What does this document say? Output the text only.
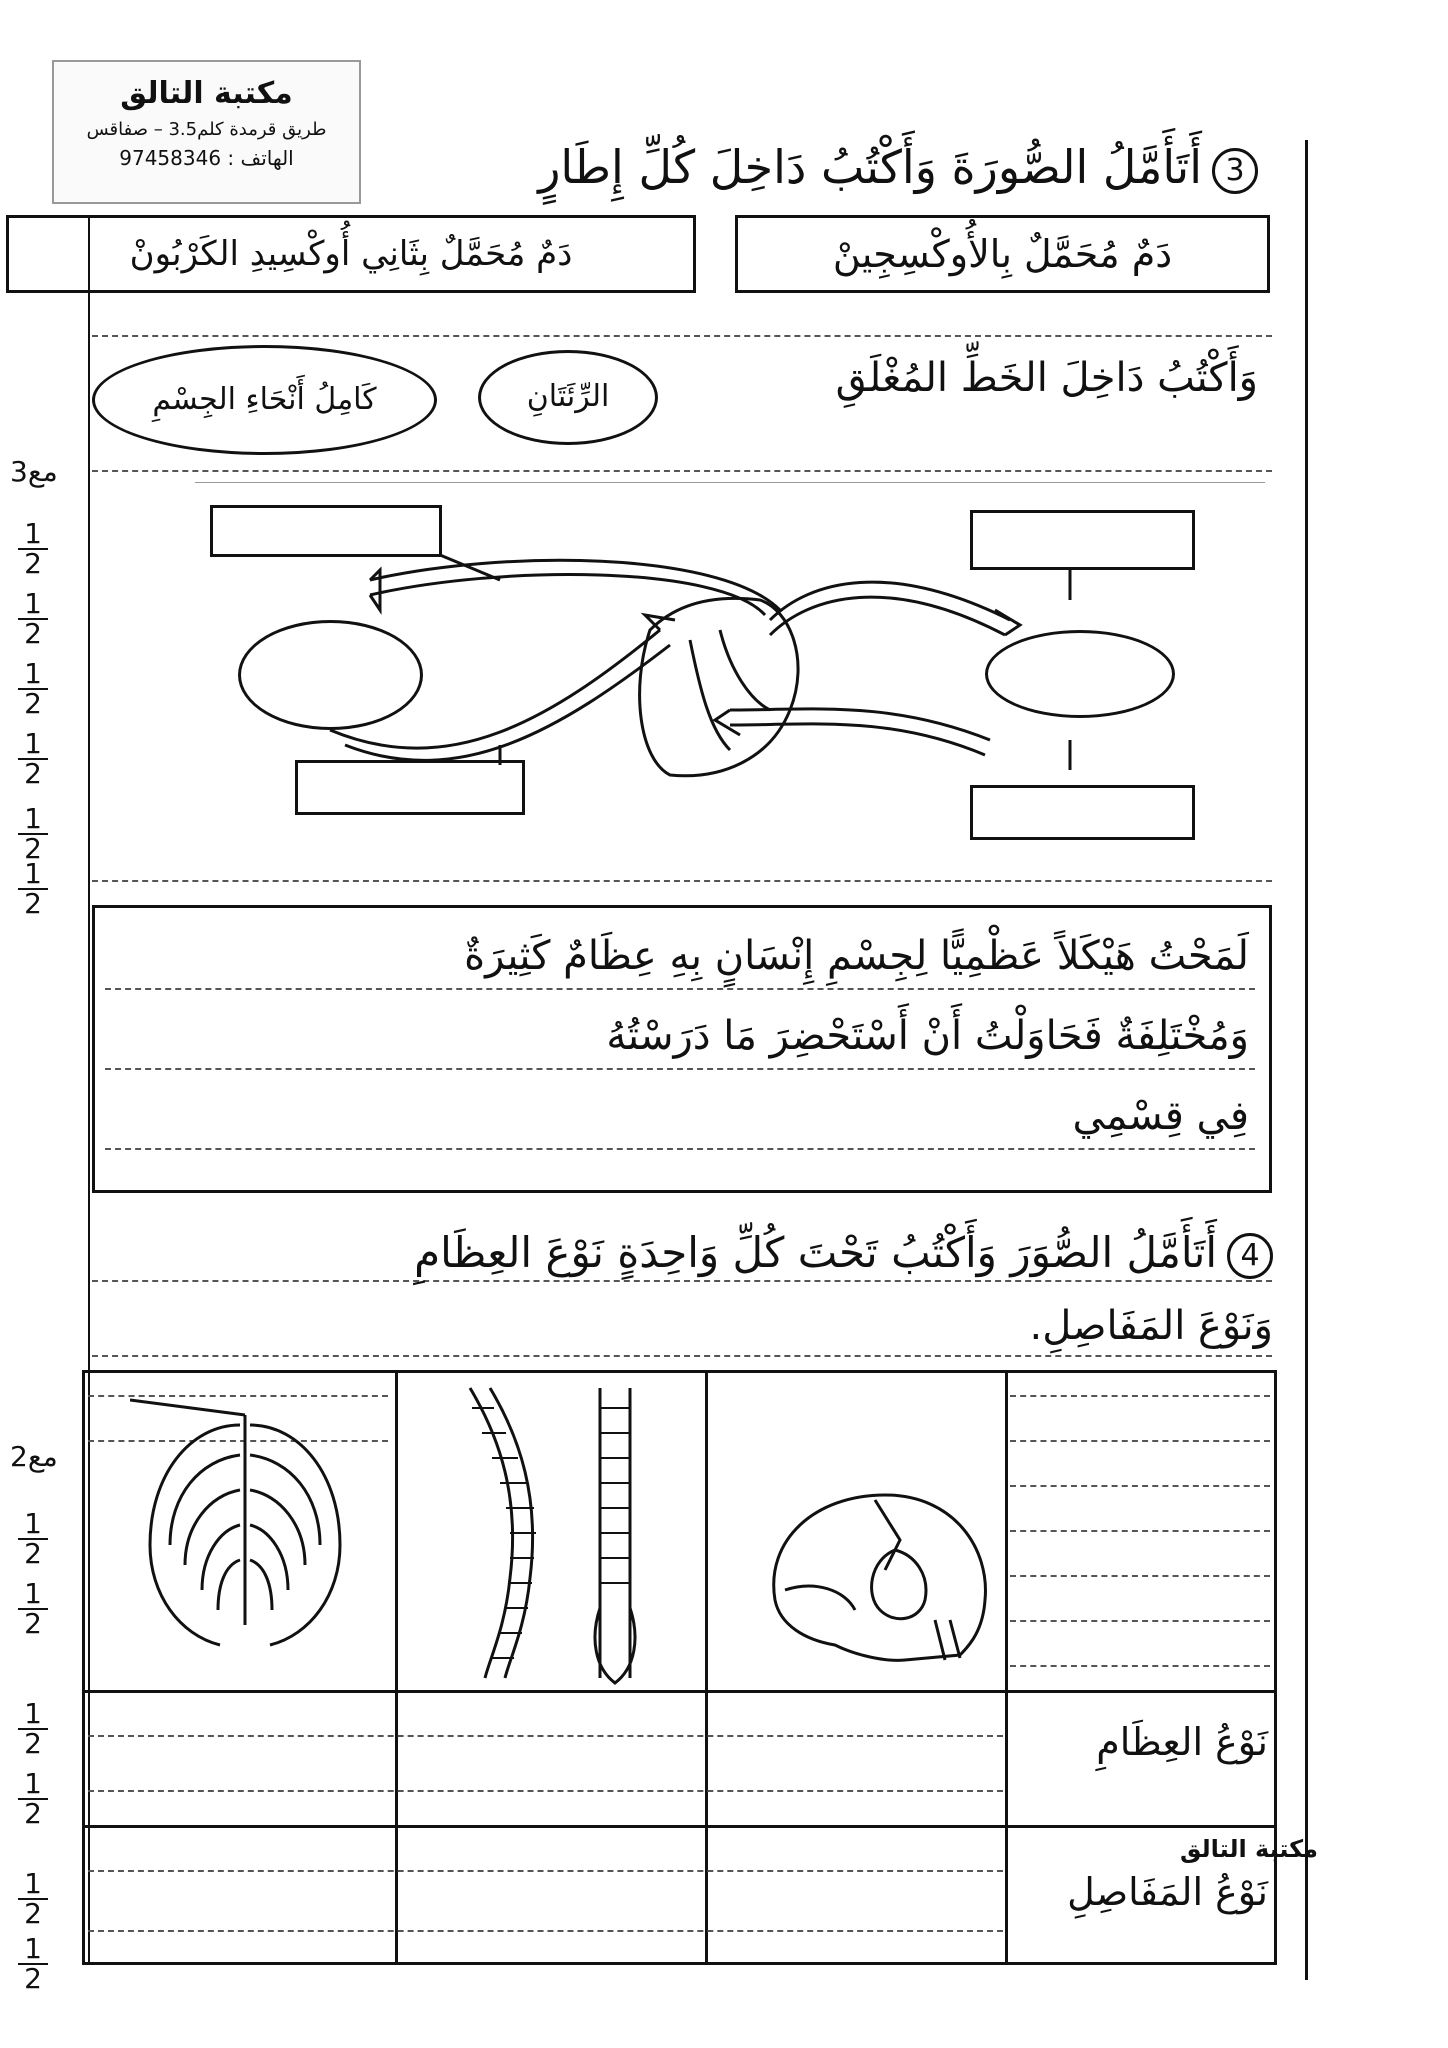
مكتبة التالق
طريق قرمدة كلم3.5 – صفاقس
الهاتف : 97458346	3أَتَأَمَّلُ الصُّورَةَ وَأَكْتُبُ دَاخِلَ كُلِّ إِطَارٍ
دَمٌ مُحَمَّلٌ بِالأُوكْسِجِينْ
دَمٌ مُحَمَّلٌ بِثَانِي أُوكْسِيدِ الكَرْبُونْ
وَأَكْتُبُ دَاخِلَ الخَطِّ المُغْلَقِ
الرِّئَتَانِ
كَامِلُ أَنْحَاءِ الجِسْمِ
مع3
$\frac{1}{2}$
$\frac{1}{2}$
$\frac{1}{2}$
$\frac{1}{2}$
$\frac{1}{2}$
$\frac{1}{2}$
لَمَحْتُ هَيْكَلاً عَظْمِيًّا لِجِسْمِ إِنْسَانٍ بِهِ عِظَامٌ كَثِيرَةٌ
وَمُخْتَلِفَةٌ فَحَاوَلْتُ أَنْ أَسْتَحْضِرَ مَا دَرَسْتُهُ
فِي قِسْمِي
4أَتَأَمَّلُ الصُّوَرَ وَأَكْتُبُ تَحْتَ كُلِّ وَاحِدَةٍ نَوْعَ العِظَامِ
وَنَوْعَ المَفَاصِلِ.
مع2
$\frac{1}{2}$
$\frac{1}{2}$
$\frac{1}{2}$
$\frac{1}{2}$
$\frac{1}{2}$
$\frac{1}{2}$
نَوْعُ العِظَامِ
نَوْعُ المَفَاصِلِ
مكتبة التالق
